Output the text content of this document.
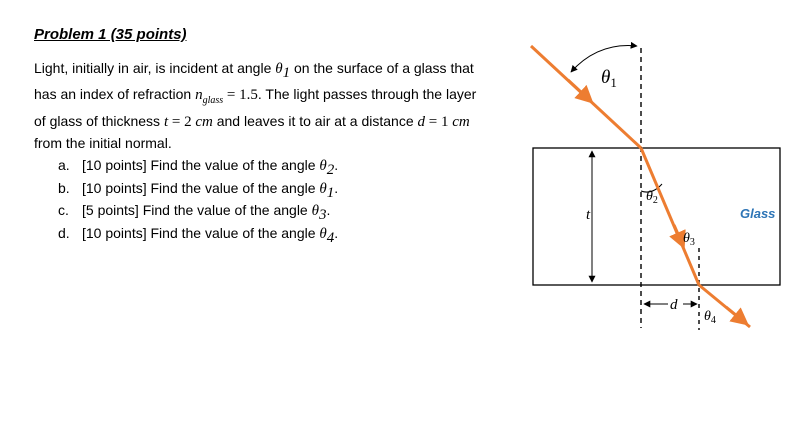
Problem 1 (35 points)

Light, initially in air, is incident at angle $\theta_1$ on the surface of a glass that

has an index of refraction $n_{glass} = 1.5$. The light passes through the layer

of glass of thickness t = 2 cm and leaves it to air at a distance d = 1 cm

from the initial normal.

a. [10 points] Find the value of the angle $\theta_2$.
b. [10 points] Find the value of the angle $\theta_1$.
c. [5 points] Find the value of the angle $\theta_3$.
d. [10 points] Find the value of the angle $\theta_4$.
$\theta_1$
$\theta_2$
$\theta_3$
$\theta_4$
t
d
Glass
